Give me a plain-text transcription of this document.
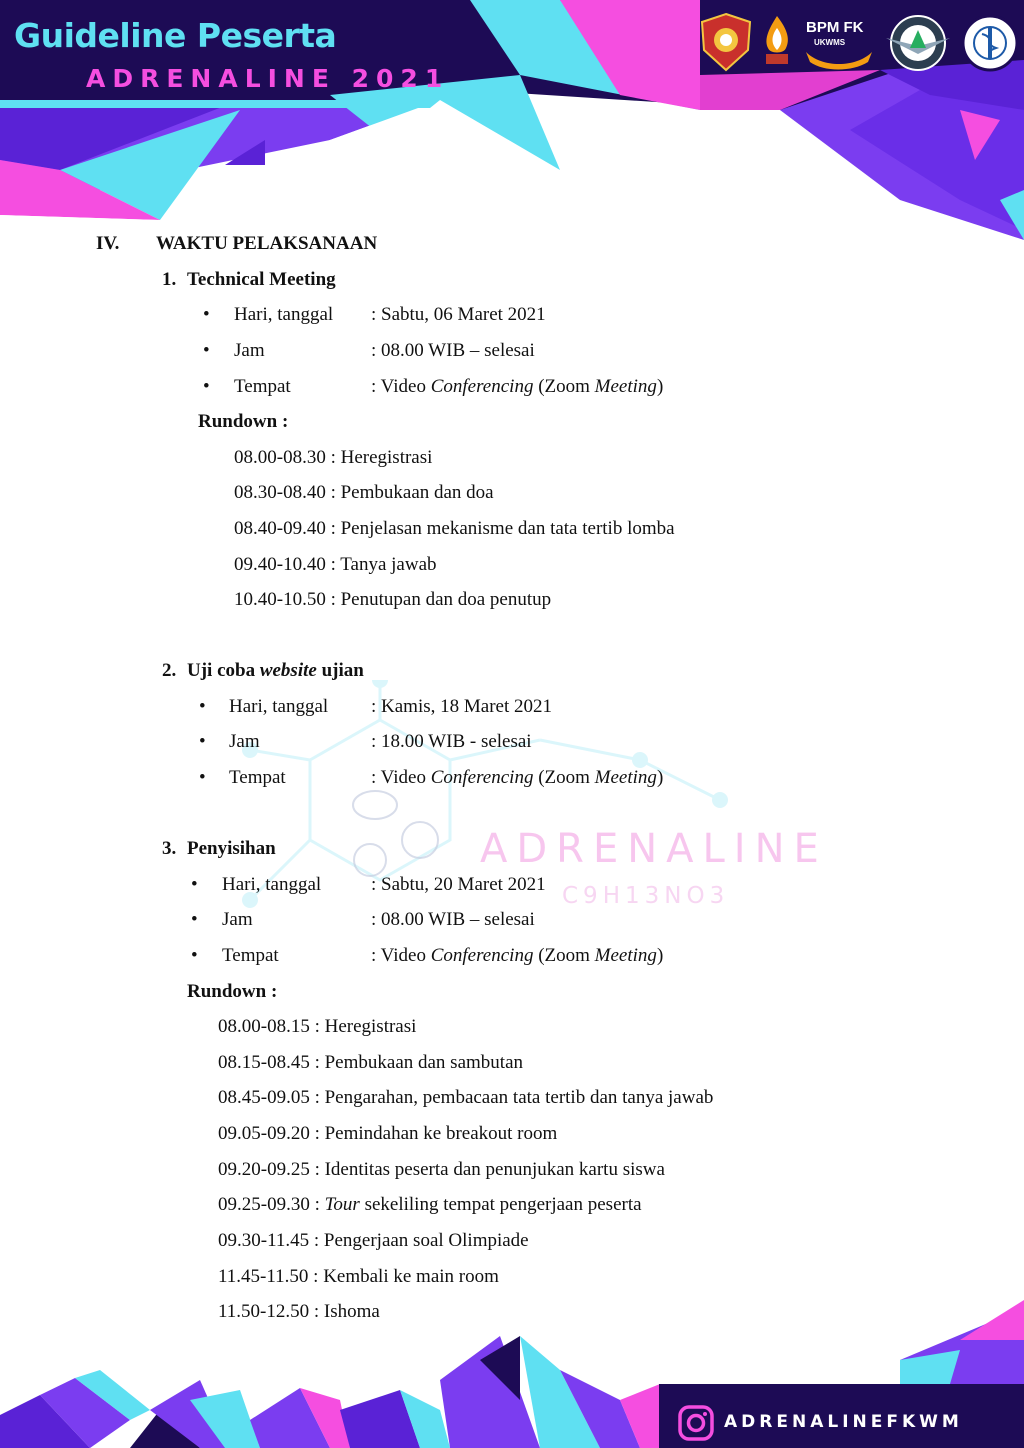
Guideline Peserta
ADRENALINE 2021
BPM FK
UKWMS
ADRENALINE
C9H13NO3
IV. WAKTU PELAKSANAAN
1. Technical Meeting
•
Hari, tanggal : Sabtu, 06 Maret 2021
•
Jam	: 08.00 WIB – selesai
•
Tempat	: Video Conferencing (Zoom Meeting)
Rundown :
08.00-08.30 : Heregistrasi
08.30-08.40 : Pembukaan dan doa
08.40-09.40 : Penjelasan mekanisme dan tata tertib lomba
09.40-10.40 : Tanya jawab
10.40-10.50 : Penutupan dan doa penutup
2. Uji coba website ujian
•
Hari, tanggal : Kamis, 18 Maret 2021
•
Jam	: 18.00 WIB - selesai
•
Tempat	: Video Conferencing (Zoom Meeting)
3. Penyisihan
•
Hari, tanggal	: Sabtu, 20 Maret 2021
•
Jam	: 08.00 WIB – selesai
•
Tempat	: Video Conferencing (Zoom Meeting)
Rundown :
08.00-08.15 : Heregistrasi
08.15-08.45 : Pembukaan dan sambutan
08.45-09.05 : Pengarahan, pembacaan tata tertib dan tanya jawab
09.05-09.20 : Pemindahan ke breakout room
09.20-09.25 : Identitas peserta dan penunjukan kartu siswa
09.25-09.30 : Tour sekeliling tempat pengerjaan peserta
09.30-11.45 : Pengerjaan soal Olimpiade
11.45-11.50 : Kembali ke main room
11.50-12.50 : Ishoma
ADRENALINEFKWM
